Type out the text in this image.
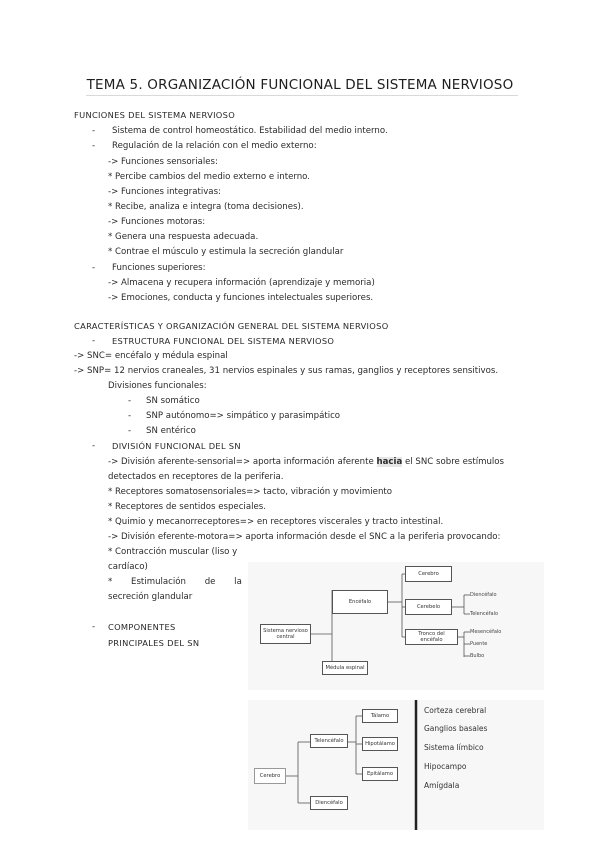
TEMA 5. ORGANIZACIÓN FUNCIONAL DEL SISTEMA NERVIOSO
FUNCIONES DEL SISTEMA NERVIOSO
- Sistema de control homeostático. Estabilidad del medio interno.
- Regulación de la relación con el medio externo:
-> Funciones sensoriales:
* Percibe cambios del medio externo e interno.
-> Funciones integrativas:
* Recibe, analiza e integra (toma decisiones).
-> Funciones motoras:
* Genera una respuesta adecuada.
* Contrae el músculo y estimula la secreción glandular
- Funciones superiores:
-> Almacena y recupera información (aprendizaje y memoria)
-> Emociones, conducta y funciones intelectuales superiores.
CARACTERÍSTICAS Y ORGANIZACIÓN GENERAL DEL SISTEMA NERVIOSO
- ESTRUCTURA FUNCIONAL DEL SISTEMA NERVIOSO
-> SNC= encéfalo y médula espinal
-> SNP= 12 nervios craneales, 31 nervios espinales y sus ramas, ganglios y receptores sensitivos.
Divisiones funcionales:
- SN somático
- SNP autónomo=> simpático y parasimpático
- SN entérico
- DIVISIÓN FUNCIONAL DEL SN
-> División aferente-sensorial=> aporta información aferente hacia el SNC sobre estímulos
detectados en receptores de la periferia.
* Receptores somatosensoriales=> tacto, vibración y movimiento
* Receptores de sentidos especiales.
* Quimio y mecanorreceptores=> en receptores viscerales y tracto intestinal.
-> División eferente-motora=> aporta información desde el SNC a la periferia provocando:
* Contracción muscular (liso y
cardíaco)
* Estimulación de la
secreción glandular
- COMPONENTES
PRINCIPALES DEL SN
Sistema nervioso central
Encéfalo
Médula espinal
Cerebro
Cerebelo
Tronco del encéfalo
Diencéfalo
Telencéfalo
Mesencéfalo
Puente
Bulbo
Cerebro
Telencéfalo
Diencéfalo
Tálamo
Hipotálamo
Epitálamo
Corteza cerebral
Ganglios basales
Sistema límbico
Hipocampo
Amígdala
